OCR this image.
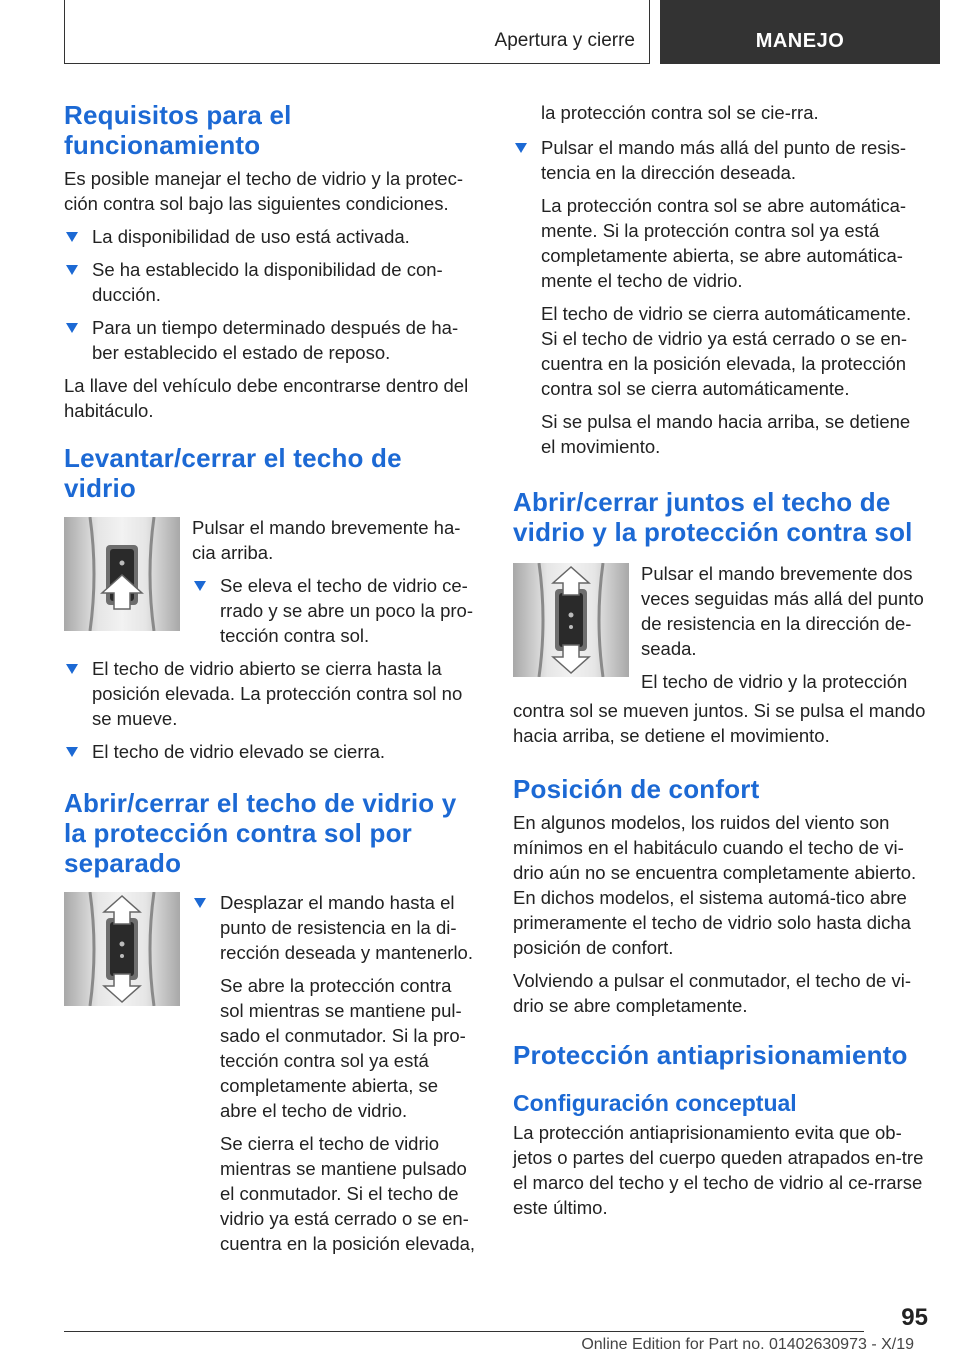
Apertura y cierre	MANEJO
Requisitos para el funcionamiento

Es posible manejar el techo de vidrio y la protec-ción contra sol bajo las siguientes condiciones.

La disponibilidad de uso está activada.
Se ha establecido la disponibilidad de con-ducción.
Para un tiempo determinado después de ha-ber establecido el estado de reposo.

La llave del vehículo debe encontrarse dentro del habitáculo.

Levantar/cerrar el techo de vidrio

Pulsar el mando brevemente ha-cia arriba.

Se eleva el techo de vidrio ce-rrado y se abre un poco la pro-tección contra sol.
El techo de vidrio abierto se cierra hasta la posición elevada. La protección contra sol no se mueve.
El techo de vidrio elevado se cierra.
Abrir/cerrar el techo de vidrio y la protección contra sol por separado
Desplazar el mando hasta el punto de resistencia en la di-rección deseada y mantenerlo.

Se abre la protección contra sol mientras se mantiene pul-sado el conmutador. Si la pro-tección contra sol ya está completamente abierta, se abre el techo de vidrio.

Se cierra el techo de vidrio mientras se mantiene pulsado el conmutador. Si el techo de vidrio ya está cerrado o se en-cuentra en la posición elevada,

la protección contra sol se cie-rra.

Pulsar el mando más allá del punto de resis-tencia en la dirección deseada.

La protección contra sol se abre automática-mente. Si la protección contra sol ya está completamente abierta, se abre automática-mente el techo de vidrio.

El techo de vidrio se cierra automáticamente. Si el techo de vidrio ya está cerrado o se en-cuentra en la posición elevada, la protección contra sol se cierra automáticamente.

Si se pulsa el mando hacia arriba, se detiene el movimiento.

Abrir/cerrar juntos el techo de vidrio y la protección contra sol

Pulsar el mando brevemente dos veces seguidas más allá del punto de resistencia en la dirección de-seada.

El techo de vidrio y la protección

contra sol se mueven juntos. Si se pulsa el mando hacia arriba, se detiene el movimiento.

Posición de confort

En algunos modelos, los ruidos del viento son mínimos en el habitáculo cuando el techo de vi-drio aún no se encuentra completamente abierto. En dichos modelos, el sistema automá-tico abre primeramente el techo de vidrio solo hasta dicha posición de confort.

Volviendo a pulsar el conmutador, el techo de vi-drio se abre completamente.

Protección antiaprisionamiento
Configuración conceptual

La protección antiaprisionamiento evita que ob-jetos o partes del cuerpo queden atrapados en-tre el marco del techo y el techo de vidrio al ce-rrarse este último.

95
Online Edition for Part no. 01402630973 - X/19
